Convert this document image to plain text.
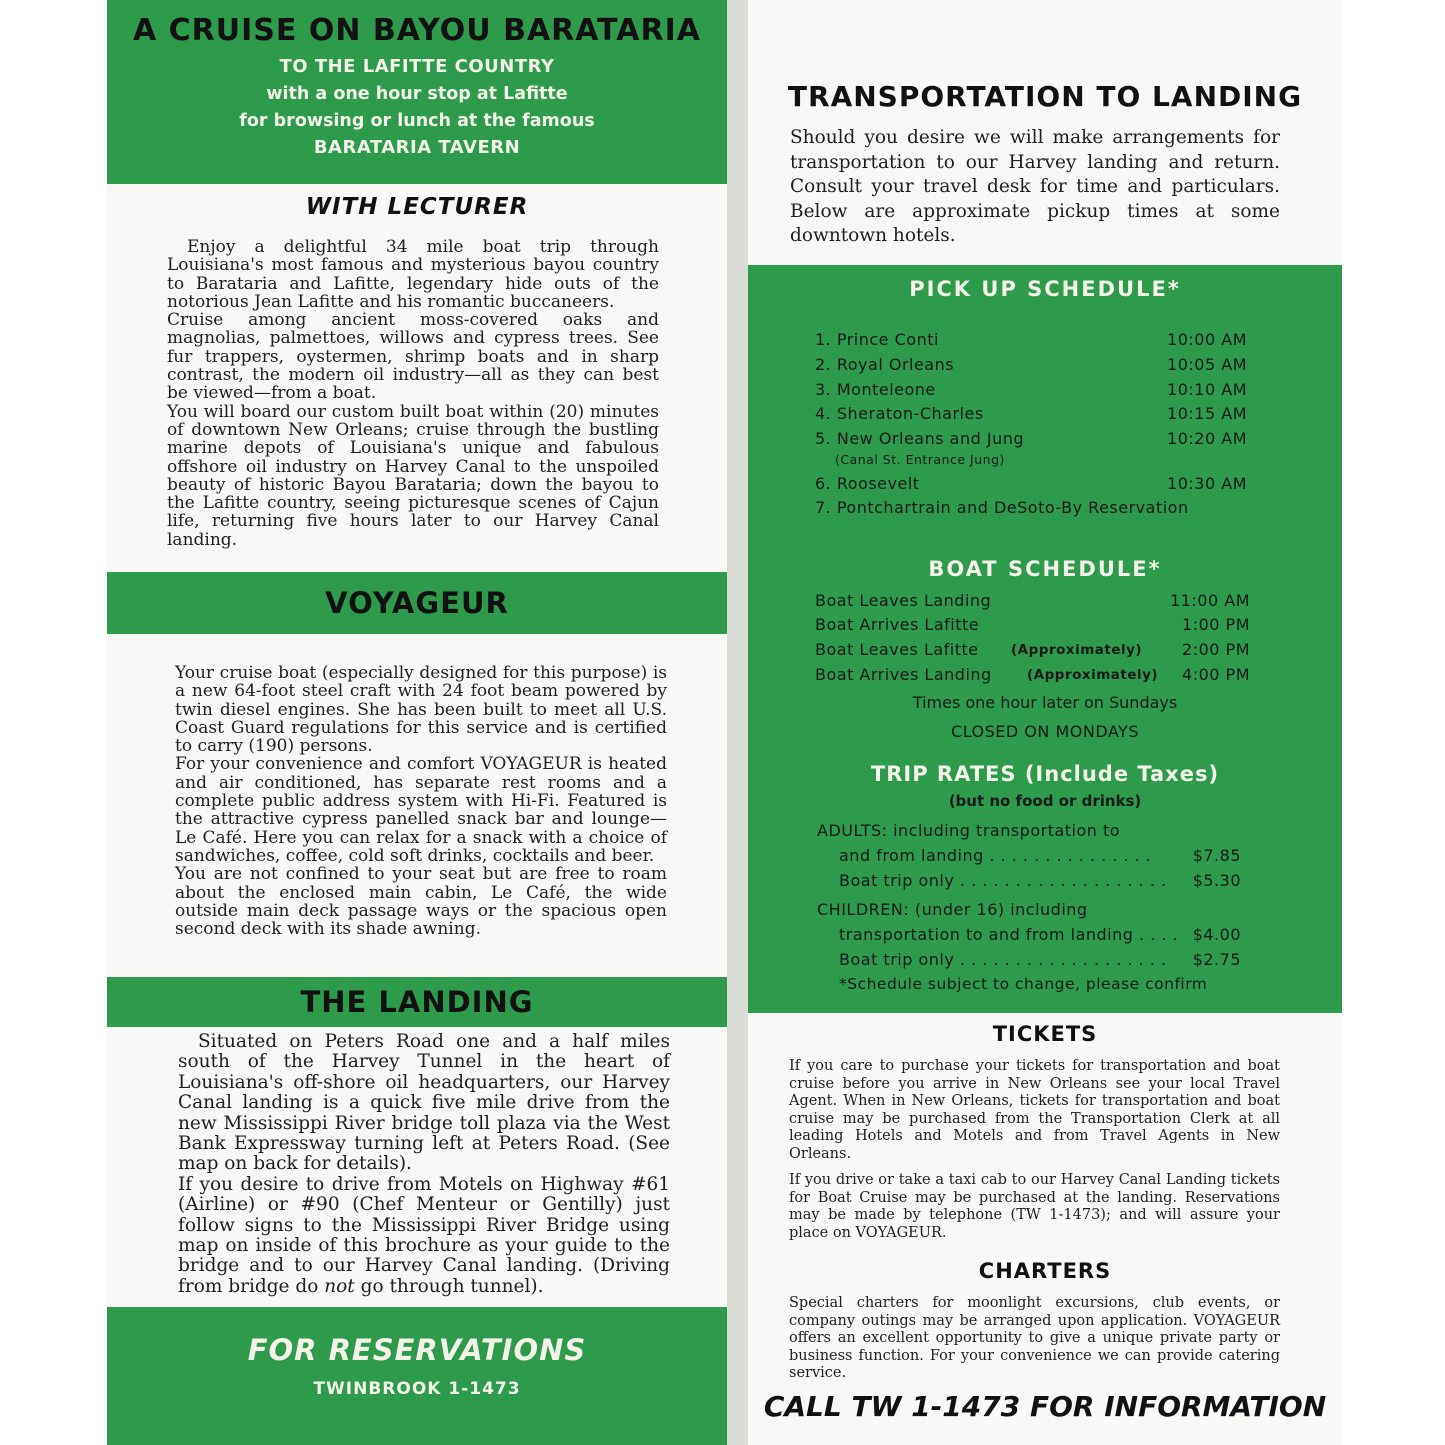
A CRUISE ON BAYOU BARATARIA
TO THE LAFITTE COUNTRY
with a one hour stop at Lafitte
for browsing or lunch at the famous
BARATARIA TAVERN
WITH LECTURER

Enjoy a delightful 34 mile boat trip through Louisiana's most famous and mysterious bayou country to Barataria and Lafitte, legendary hide outs of the notorious Jean Lafitte and his romantic buccaneers.

Cruise among ancient moss-covered oaks and magnolias, palmettoes, willows and cypress trees. See fur trappers, oystermen, shrimp boats and in sharp contrast, the modern oil industry—all as they can best be viewed—from a boat.

You will board our custom built boat within (20) minutes of downtown New Orleans; cruise through the bustling marine depots of Louisiana's unique and fabulous offshore oil industry on Harvey Canal to the unspoiled beauty of historic Bayou Barataria; down the bayou to the Lafitte country, seeing picturesque scenes of Cajun life, returning five hours later to our Harvey Canal landing.

VOYAGEUR

Your cruise boat (especially designed for this purpose) is a new 64-foot steel craft with 24 foot beam powered by twin diesel engines. She has been built to meet all U.S. Coast Guard regulations for this service and is certified to carry (190) persons.

For your convenience and comfort VOYAGEUR is heated and air conditioned, has separate rest rooms and a complete public address system with Hi-Fi. Featured is the attractive cypress panelled snack bar and lounge—Le Café. Here you can relax for a snack with a choice of sandwiches, coffee, cold soft drinks, cocktails and beer.

You are not confined to your seat but are free to roam about the enclosed main cabin, Le Café, the wide outside main deck passage ways or the spacious open second deck with its shade awning.

THE LANDING

Situated on Peters Road one and a half miles south of the Harvey Tunnel in the heart of Louisiana's off-shore oil headquarters, our Harvey Canal landing is a quick five mile drive from the new Mississippi River bridge toll plaza via the West Bank Expressway turning left at Peters Road. (See map on back for details).

If you desire to drive from Motels on Highway #61 (Airline) or #90 (Chef Menteur or Gentilly) just follow signs to the Mississippi River Bridge using map on inside of this brochure as your guide to the bridge and to our Harvey Canal landing. (Driving from bridge do not go through tunnel).

FOR RESERVATIONS
TWINBROOK 1-1473
TRANSPORTATION TO LANDING
Should you desire we will make arrangements for transportation to our Harvey landing and return. Consult your travel desk for time and particulars. Below are approximate pickup times at some downtown hotels.
PICK UP SCHEDULE*
1. Prince Conti	10:00 AM
2. Royal Orleans	10:05 AM
3. Monteleone	10:10 AM
4. Sheraton-Charles	10:15 AM
5. New Orleans and Jung	10:20 AM
(Canal St. Entrance Jung)
6. Roosevelt	10:30 AM
7. Pontchartrain and DeSoto-By Reservation
BOAT SCHEDULE*
Boat Leaves Landing	11:00 AM
Boat Arrives Lafitte	1:00 PM
Boat Leaves Lafitte (Approximately) 2:00 PM
Boat Arrives Landing	(Approximately) 4:00 PM
Times one hour later on Sundays
CLOSED ON MONDAYS
TRIP RATES (Include Taxes)
(but no food or drinks)
ADULTS: including transportation to
and from landing . . . . . . . . . . . . . . .	$7.85
Boat trip only . . . . . . . . . . . . . . . . . . . $5.30
CHILDREN: (under 16) including
transportation to and from landing . . . . $4.00
Boat trip only . . . . . . . . . . . . . . . . . . . $2.75
*Schedule subject to change, please confirm
TICKETS

If you care to purchase your tickets for transportation and boat cruise before you arrive in New Orleans see your local Travel Agent. When in New Orleans, tickets for transportation and boat cruise may be purchased from the Transportation Clerk at all leading Hotels and Motels and from Travel Agents in New Orleans.

If you drive or take a taxi cab to our Harvey Canal Landing tickets for Boat Cruise may be purchased at the landing. Reservations may be made by telephone (TW 1-1473); and will assure your place on VOYAGEUR.

CHARTERS
Special charters for moonlight excursions, club events, or company outings may be arranged upon application. VOYAGEUR offers an excellent opportunity to give a unique private party or business function. For your convenience we can provide catering service.
CALL TW 1-1473 FOR INFORMATION
